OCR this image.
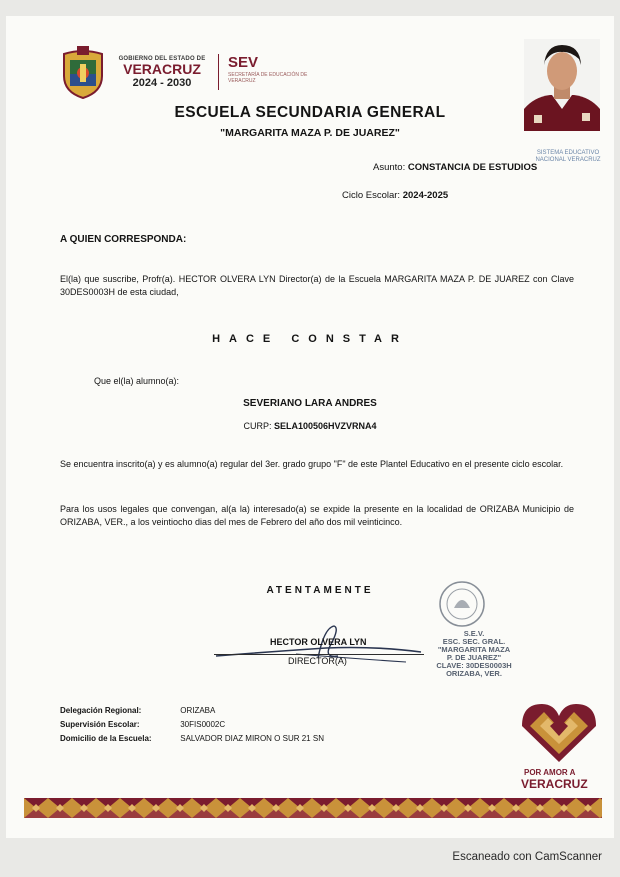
GOBIERNO DEL ESTADO DE
VERACRUZ
2024 - 2030
SEV
SECRETARÍA DE EDUCACIÓN DE VERACRUZ
ESCUELA SECUNDARIA GENERAL
"MARGARITA MAZA P. DE JUAREZ"
Asunto: CONSTANCIA DE ESTUDIOS
Ciclo Escolar: 2024-2025
SISTEMA EDUCATIVO NACIONAL VERACRUZ
A QUIEN CORRESPONDA:
El(la) que suscribe, Profr(a). HECTOR OLVERA LYN Director(a) de la Escuela MARGARITA MAZA P. DE JUAREZ con Clave 30DES0003H de esta ciudad,
HACE CONSTAR
Que el(la) alumno(a):
SEVERIANO LARA ANDRES
CURP: SELA100506HVZVRNA4
Se encuentra inscrito(a) y es alumno(a) regular del 3er. grado grupo "F" de este Plantel Educativo en el presente ciclo escolar.
Para los usos legales que convengan, al(a la) interesado(a) se expide la presente en la localidad de ORIZABA Municipio de ORIZABA, VER., a los veintiocho dias del mes de Febrero del año dos mil veinticinco.
ATENTAMENTE
HECTOR OLVERA LYN
DIRECTOR(A)
S.E.V.
ESC. SEC. GRAL.
"MARGARITA MAZA
P. DE JUAREZ"
CLAVE: 30DES0003H
ORIZABA, VER.
Delegación Regional:	ORIZABA
Supervisión Escolar:	30FIS0002C
Domicilio de la Escuela:	SALVADOR DIAZ MIRON O SUR 21 SN
POR AMOR A
VERACRUZ
Escaneado con CamScanner
